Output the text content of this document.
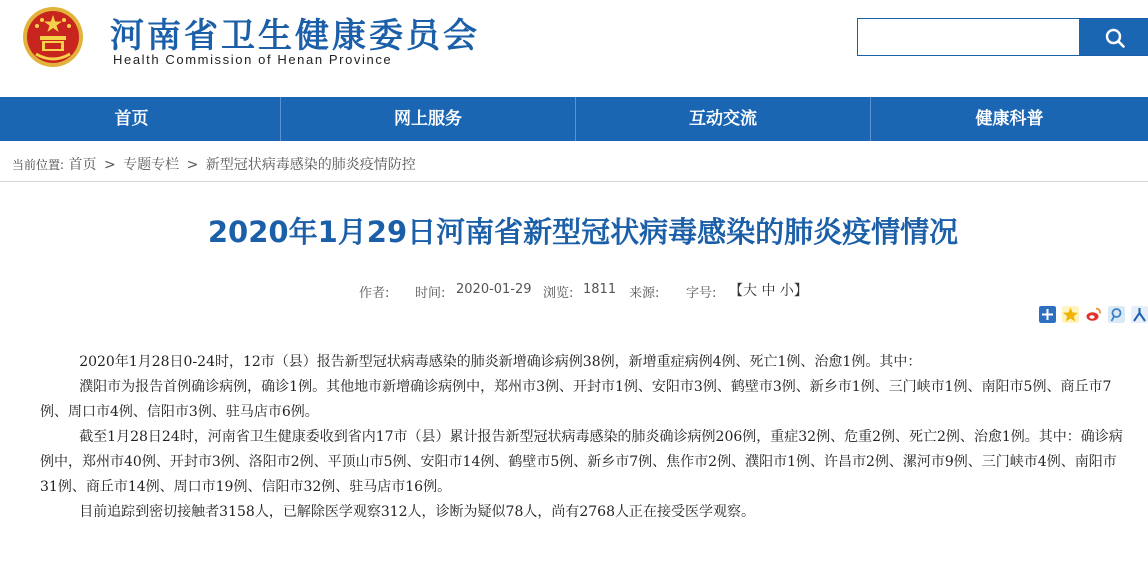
河南省卫生健康委员会
Health Commission of Henan Province
首页	网上服务	互动交流	健康科普
当前位置: 首页 > 专题专栏 > 新型冠状病毒感染的肺炎疫情防控
2020年1月29日河南省新型冠状病毒感染的肺炎疫情情况
作者: 时间: 2020-01-29 浏览: 1811 来源: 字号: 【大 中 小】

2020年1月28日0-24时，12市（县）报告新型冠状病毒感染的肺炎新增确诊病例38例，新增重症病例4例、死亡1例、治愈1例。其中：

濮阳市为报告首例确诊病例，确诊1例。其他地市新增确诊病例中，郑州市3例、开封市1例、安阳市3例、鹤壁市3例、新乡市1例、三门峡市1例、南阳市5例、商丘市7例、周口市4例、信阳市3例、驻马店市6例。

截至1月28日24时，河南省卫生健康委收到省内17市（县）累计报告新型冠状病毒感染的肺炎确诊病例206例，重症32例、危重2例、死亡2例、治愈1例。其中：确诊病例中，郑州市40例、开封市3例、洛阳市2例、平顶山市5例、安阳市14例、鹤壁市5例、新乡市7例、焦作市2例、濮阳市1例、许昌市2例、漯河市9例、三门峡市4例、南阳市31例、商丘市14例、周口市19例、信阳市32例、驻马店市16例。

目前追踪到密切接触者3158人，已解除医学观察312人，诊断为疑似78人，尚有2768人正在接受医学观察。
